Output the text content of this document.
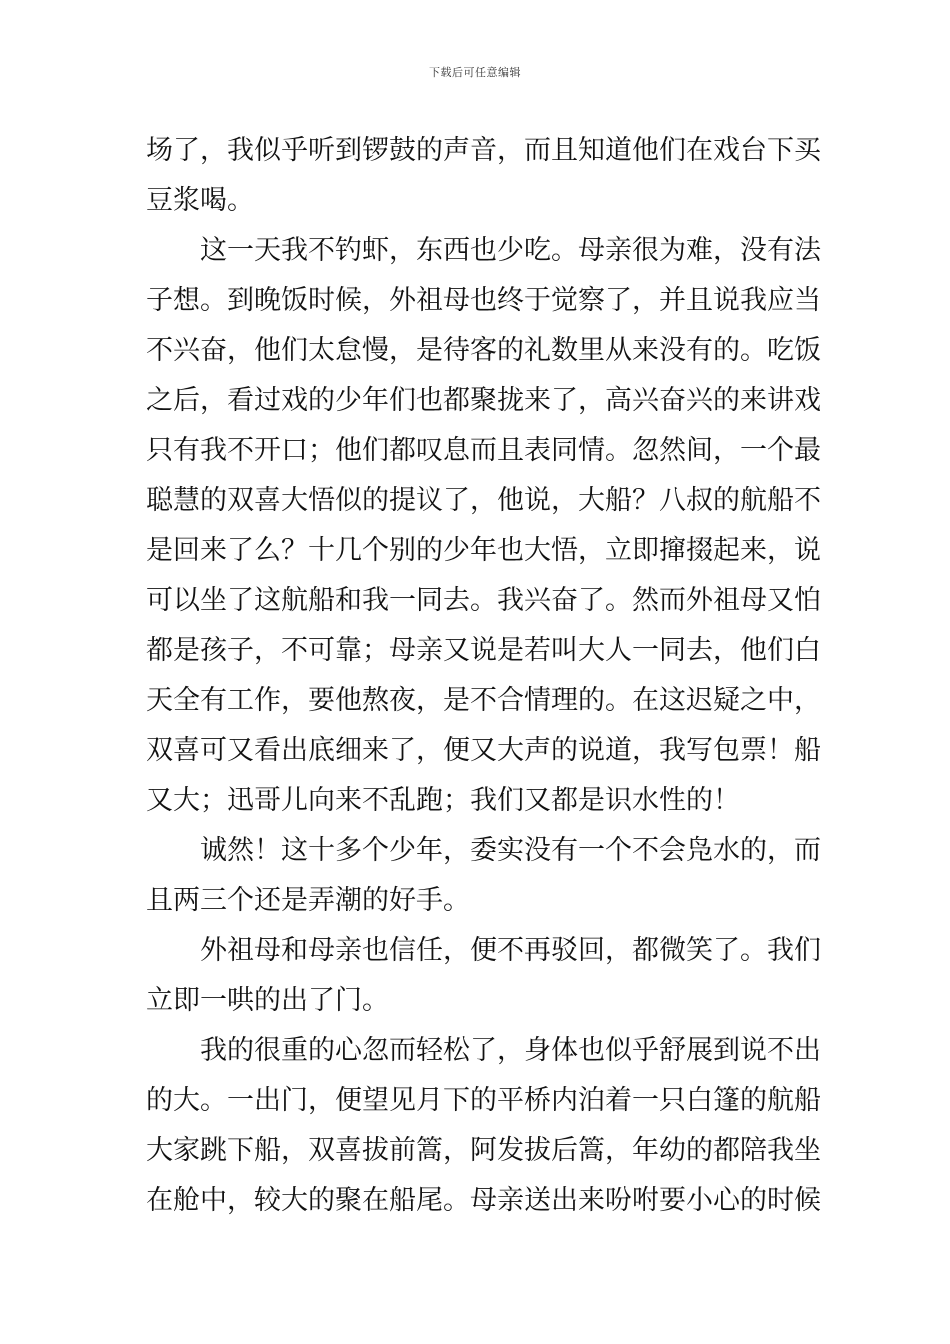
下载后可任意编辑
场了，我似乎听到锣鼓的声音，而且知道他们在戏台下买
豆浆喝。
这一天我不钓虾，东西也少吃。母亲很为难，没有法
子想。到晚饭时候，外祖母也终于觉察了，并且说我应当
不兴奋，他们太怠慢，是待客的礼数里从来没有的。吃饭
之后，看过戏的少年们也都聚拢来了，高兴奋兴的来讲戏
只有我不开口；他们都叹息而且表同情。忽然间，一个最
聪慧的双喜大悟似的提议了，他说，大船？八叔的航船不
是回来了么？十几个别的少年也大悟，立即撺掇起来，说
可以坐了这航船和我一同去。我兴奋了。然而外祖母又怕
都是孩子，不可靠；母亲又说是若叫大人一同去，他们白
天全有工作，要他熬夜，是不合情理的。在这迟疑之中，
双喜可又看出底细来了，便又大声的说道，我写包票！船
又大；迅哥儿向来不乱跑；我们又都是识水性的！
诚然！这十多个少年，委实没有一个不会凫水的，而
且两三个还是弄潮的好手。
外祖母和母亲也信任，便不再驳回，都微笑了。我们
立即一哄的出了门。
我的很重的心忽而轻松了，身体也似乎舒展到说不出
的大。一出门，便望见月下的平桥内泊着一只白篷的航船
大家跳下船，双喜拔前篙，阿发拔后篙，年幼的都陪我坐
在舱中，较大的聚在船尾。母亲送出来吩咐要小心的时候
